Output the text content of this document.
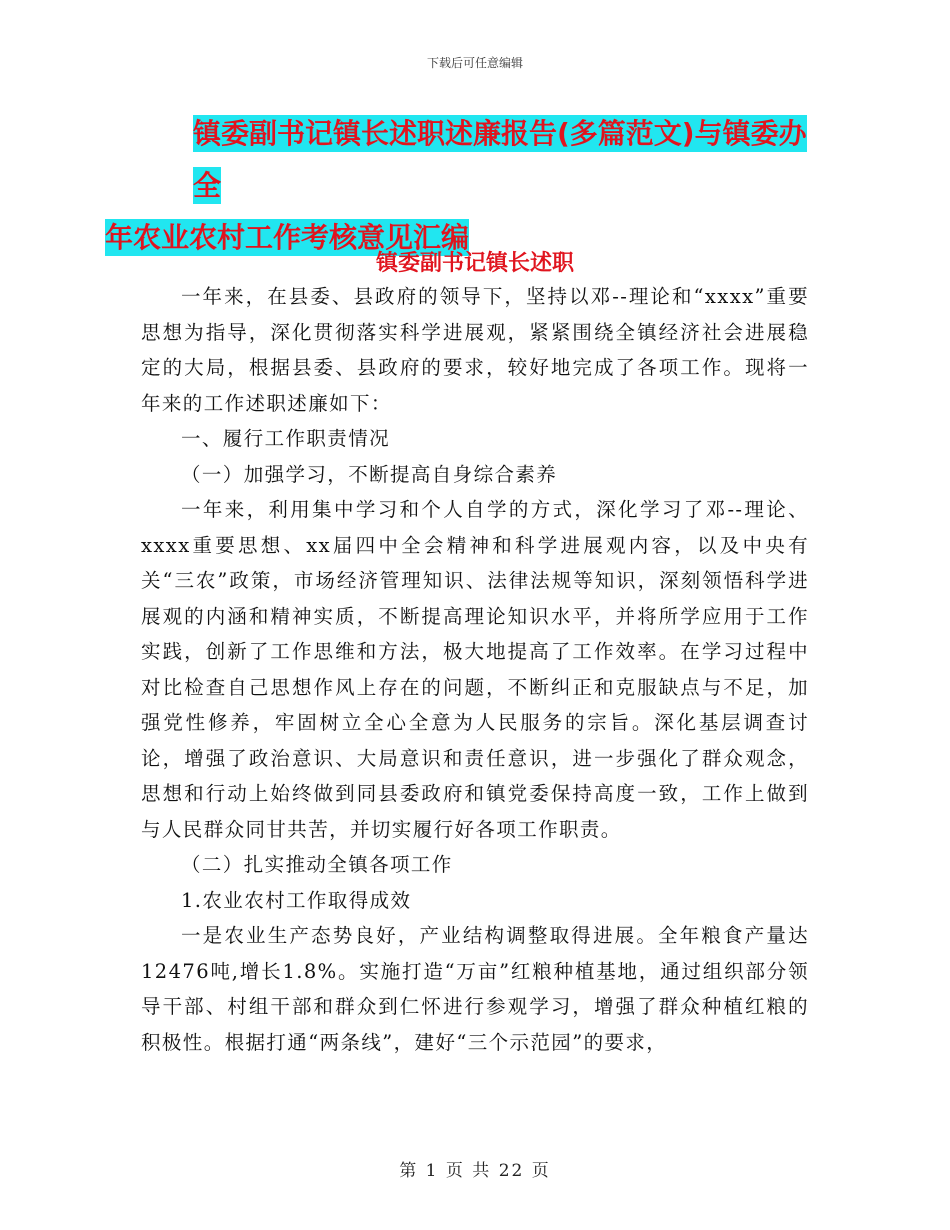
下载后可任意编辑
镇委副书记镇长述职述廉报告(多篇范文)与镇委办全
年农业农村工作考核意见汇编
镇委副书记镇长述职

一年来，在县委、县政府的领导下，坚持以邓--理论和“xxxx”重要思想为指导，深化贯彻落实科学进展观，紧紧围绕全镇经济社会进展稳定的大局，根据县委、县政府的要求，较好地完成了各项工作。现将一年来的工作述职述廉如下：

一、履行工作职责情况

（一）加强学习，不断提高自身综合素养

一年来，利用集中学习和个人自学的方式，深化学习了邓--理论、xxxx重要思想、xx届四中全会精神和科学进展观内容，以及中央有关“三农”政策，市场经济管理知识、法律法规等知识，深刻领悟科学进展观的内涵和精神实质，不断提高理论知识水平，并将所学应用于工作实践，创新了工作思维和方法，极大地提高了工作效率。在学习过程中对比检查自己思想作风上存在的问题，不断纠正和克服缺点与不足，加强党性修养，牢固树立全心全意为人民服务的宗旨。深化基层调查讨论，增强了政治意识、大局意识和责任意识，进一步强化了群众观念，思想和行动上始终做到同县委政府和镇党委保持高度一致，工作上做到与人民群众同甘共苦，并切实履行好各项工作职责。

（二）扎实推动全镇各项工作

1.农业农村工作取得成效

一是农业生产态势良好，产业结构调整取得进展。全年粮食产量达12476吨,增长1.8%。实施打造“万亩”红粮种植基地，通过组织部分领导干部、村组干部和群众到仁怀进行参观学习，增强了群众种植红粮的积极性。根据打通“两条线”，建好“三个示范园”的要求，

第 1 页 共 22 页
